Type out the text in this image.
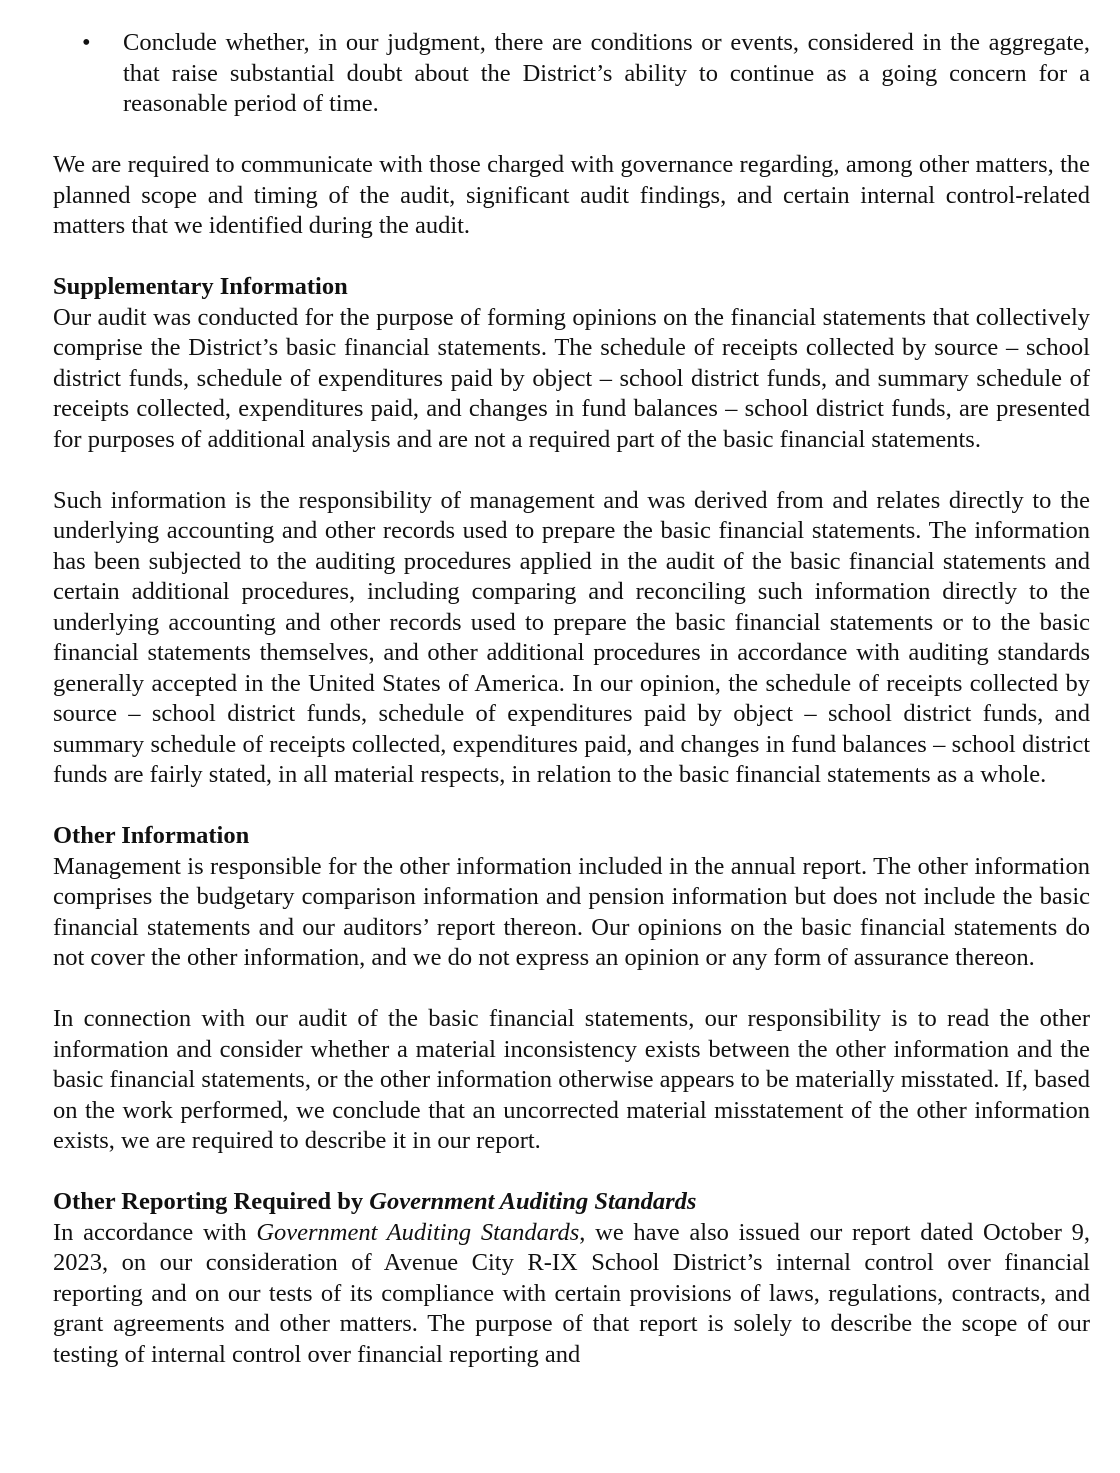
• Conclude whether, in our judgment, there are conditions or events, considered in the aggregate, that raise substantial doubt about the District’s ability to continue as a going concern for a reasonable period of time.

We are required to communicate with those charged with governance regarding, among other matters, the planned scope and timing of the audit, significant audit findings, and certain internal control-related matters that we identified during the audit.

Supplementary Information

Our audit was conducted for the purpose of forming opinions on the financial statements that collectively comprise the District’s basic financial statements. The schedule of receipts collected by source – school district funds, schedule of expenditures paid by object – school district funds, and summary schedule of receipts collected, expenditures paid, and changes in fund balances – school district funds, are presented for purposes of additional analysis and are not a required part of the basic financial statements.

Such information is the responsibility of management and was derived from and relates directly to the underlying accounting and other records used to prepare the basic financial statements. The information has been subjected to the auditing procedures applied in the audit of the basic financial statements and certain additional procedures, including comparing and reconciling such information directly to the underlying accounting and other records used to prepare the basic financial statements or to the basic financial statements themselves, and other additional procedures in accordance with auditing standards generally accepted in the United States of America. In our opinion, the schedule of receipts collected by source – school district funds, schedule of expenditures paid by object – school district funds, and summary schedule of receipts collected, expenditures paid, and changes in fund balances – school district funds are fairly stated, in all material respects, in relation to the basic financial statements as a whole.

Other Information

Management is responsible for the other information included in the annual report. The other information comprises the budgetary comparison information and pension information but does not include the basic financial statements and our auditors’ report thereon. Our opinions on the basic financial statements do not cover the other information, and we do not express an opinion or any form of assurance thereon.

In connection with our audit of the basic financial statements, our responsibility is to read the other information and consider whether a material inconsistency exists between the other information and the basic financial statements, or the other information otherwise appears to be materially misstated. If, based on the work performed, we conclude that an uncorrected material misstatement of the other information exists, we are required to describe it in our report.

Other Reporting Required by Government Auditing Standards

In accordance with Government Auditing Standards, we have also issued our report dated October 9, 2023, on our consideration of Avenue City R-IX School District’s internal control over financial reporting and on our tests of its compliance with certain provisions of laws, regulations, contracts, and grant agreements and other matters. The purpose of that report is solely to describe the scope of our testing of internal control over financial reporting and
